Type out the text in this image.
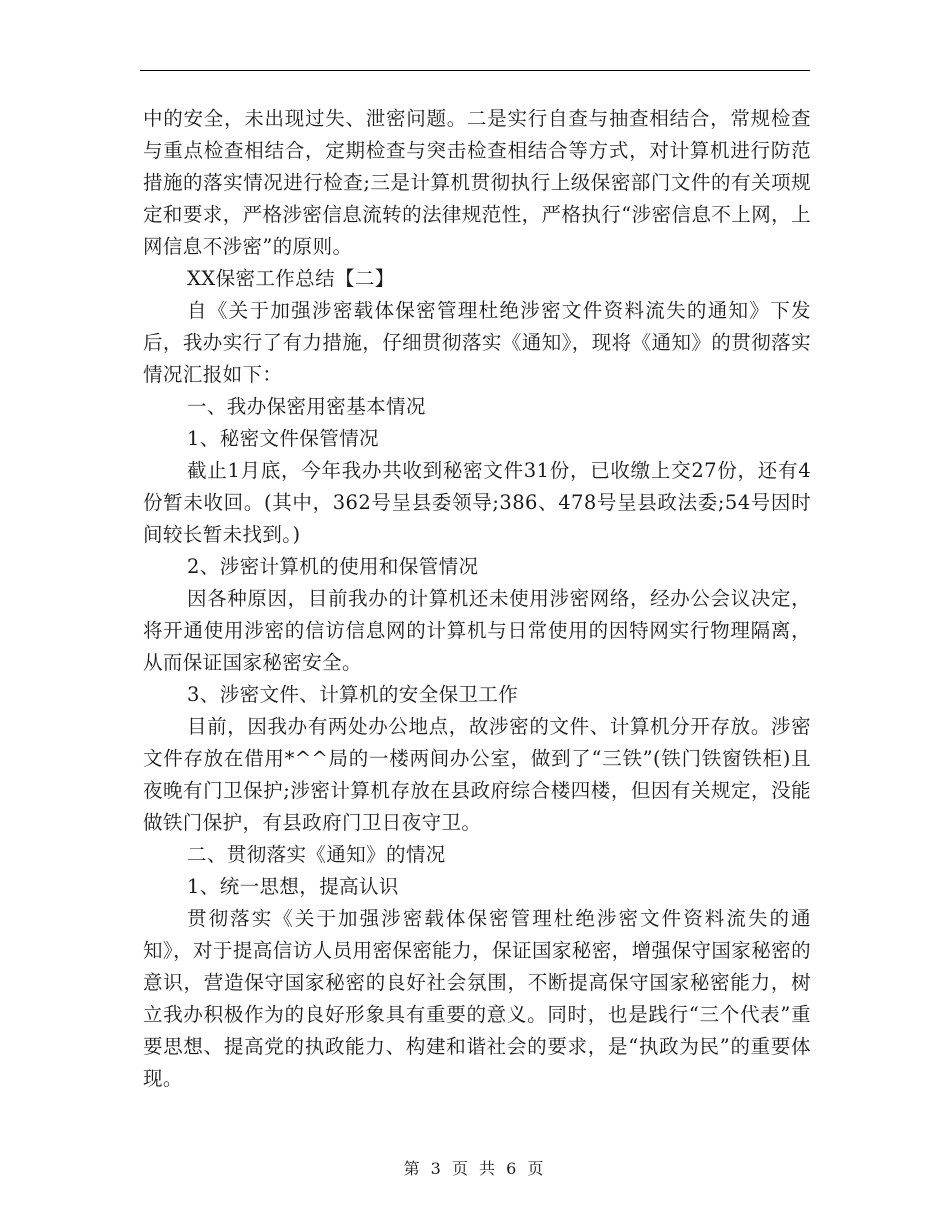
中的安全，未出现过失、泄密问题。二是实行自查与抽查相结合，常规检查与重点检查相结合，定期检查与突击检查相结合等方式，对计算机进行防范措施的落实情况进行检查;三是计算机贯彻执行上级保密部门文件的有关项规定和要求，严格涉密信息流转的法律规范性，严格执行“涉密信息不上网，上网信息不涉密”的原则。

XX保密工作总结【二】

自《关于加强涉密载体保密管理杜绝涉密文件资料流失的通知》下发后，我办实行了有力措施，仔细贯彻落实《通知》，现将《通知》的贯彻落实情况汇报如下：

一、我办保密用密基本情况

1、秘密文件保管情况

截止1月底，今年我办共收到秘密文件31份，已收缴上交27份，还有4份暂未收回。(其中，362号呈县委领导;386、478号呈县政法委;54号因时间较长暂未找到。)

2、涉密计算机的使用和保管情况

因各种原因，目前我办的计算机还未使用涉密网络，经办公会议决定，将开通使用涉密的信访信息网的计算机与日常使用的因特网实行物理隔离，从而保证国家秘密安全。

3、涉密文件、计算机的安全保卫工作

目前，因我办有两处办公地点，故涉密的文件、计算机分开存放。涉密文件存放在借用*^^局的一楼两间办公室，做到了“三铁”(铁门铁窗铁柜)且夜晚有门卫保护;涉密计算机存放在县政府综合楼四楼，但因有关规定，没能做铁门保护，有县政府门卫日夜守卫。

二、贯彻落实《通知》的情况

1、统一思想，提高认识

贯彻落实《关于加强涉密载体保密管理杜绝涉密文件资料流失的通知》，对于提高信访人员用密保密能力，保证国家秘密，增强保守国家秘密的意识，营造保守国家秘密的良好社会氛围，不断提高保守国家秘密能力，树立我办积极作为的良好形象具有重要的意义。同时，也是践行“三个代表”重要思想、提高党的执政能力、构建和谐社会的要求，是“执政为民”的重要体现。

第 3 页 共 6 页
